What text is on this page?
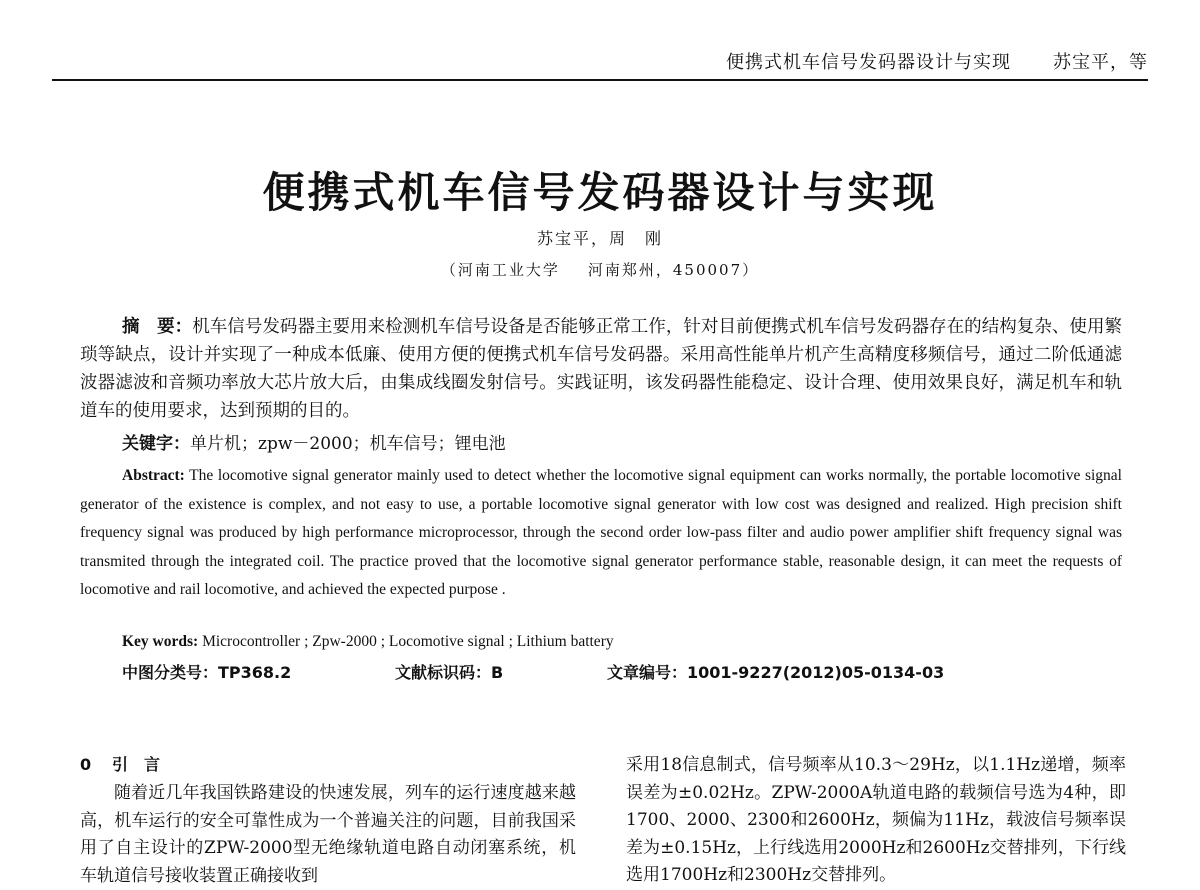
便携式机车信号发码器设计与实现 苏宝平，等
便携式机车信号发码器设计与实现
苏宝平，周　刚
（河南工业大学 河南郑州，450007）

摘　要：机车信号发码器主要用来检测机车信号设备是否能够正常工作，针对目前便携式机车信号发码器存在的结构复杂、使用繁琐等缺点，设计并实现了一种成本低廉、使用方便的便携式机车信号发码器。采用高性能单片机产生高精度移频信号，通过二阶低通滤波器滤波和音频功率放大芯片放大后，由集成线圈发射信号。实践证明，该发码器性能稳定、设计合理、使用效果良好，满足机车和轨道车的使用要求，达到预期的目的。

关键字：单片机；zpw－2000；机车信号；锂电池

Abstract: The locomotive signal generator mainly used to detect whether the locomotive signal equipment can works normally, the portable locomotive signal generator of the existence is complex, and not easy to use, a portable locomotive signal generator with low cost was designed and realized. High precision shift frequency signal was produced by high performance microprocessor, through the second order low-pass filter and audio power amplifier shift frequency signal was transmited through the integrated coil. The practice proved that the locomotive signal generator performance stable, reasonable design, it can meet the requests of locomotive and rail locomotive, and achieved the expected purpose .

Key words: Microcontroller ; Zpw-2000 ; Locomotive signal ; Lithium battery

中图分类号：TP368.2	文献标识码：B	文章编号：1001-9227(2012)05-0134-03
0 引　言

随着近几年我国铁路建设的快速发展，列车的运行速度越来越高，机车运行的安全可靠性成为一个普遍关注的问题，目前我国采用了自主设计的ZPW-2000型无绝缘轨道电路自动闭塞系统，机车轨道信号接收装置正确接收到

采用18信息制式，信号频率从10.3～29Hz，以1.1Hz递增，频率误差为±0.02Hz。ZPW-2000A轨道电路的载频信号选为4种，即1700、2000、2300和2600Hz，频偏为11Hz，载波信号频率误差为±0.15Hz，上行线选用2000Hz和2600Hz交替排列，下行线选用1700Hz和2300Hz交替排列。
